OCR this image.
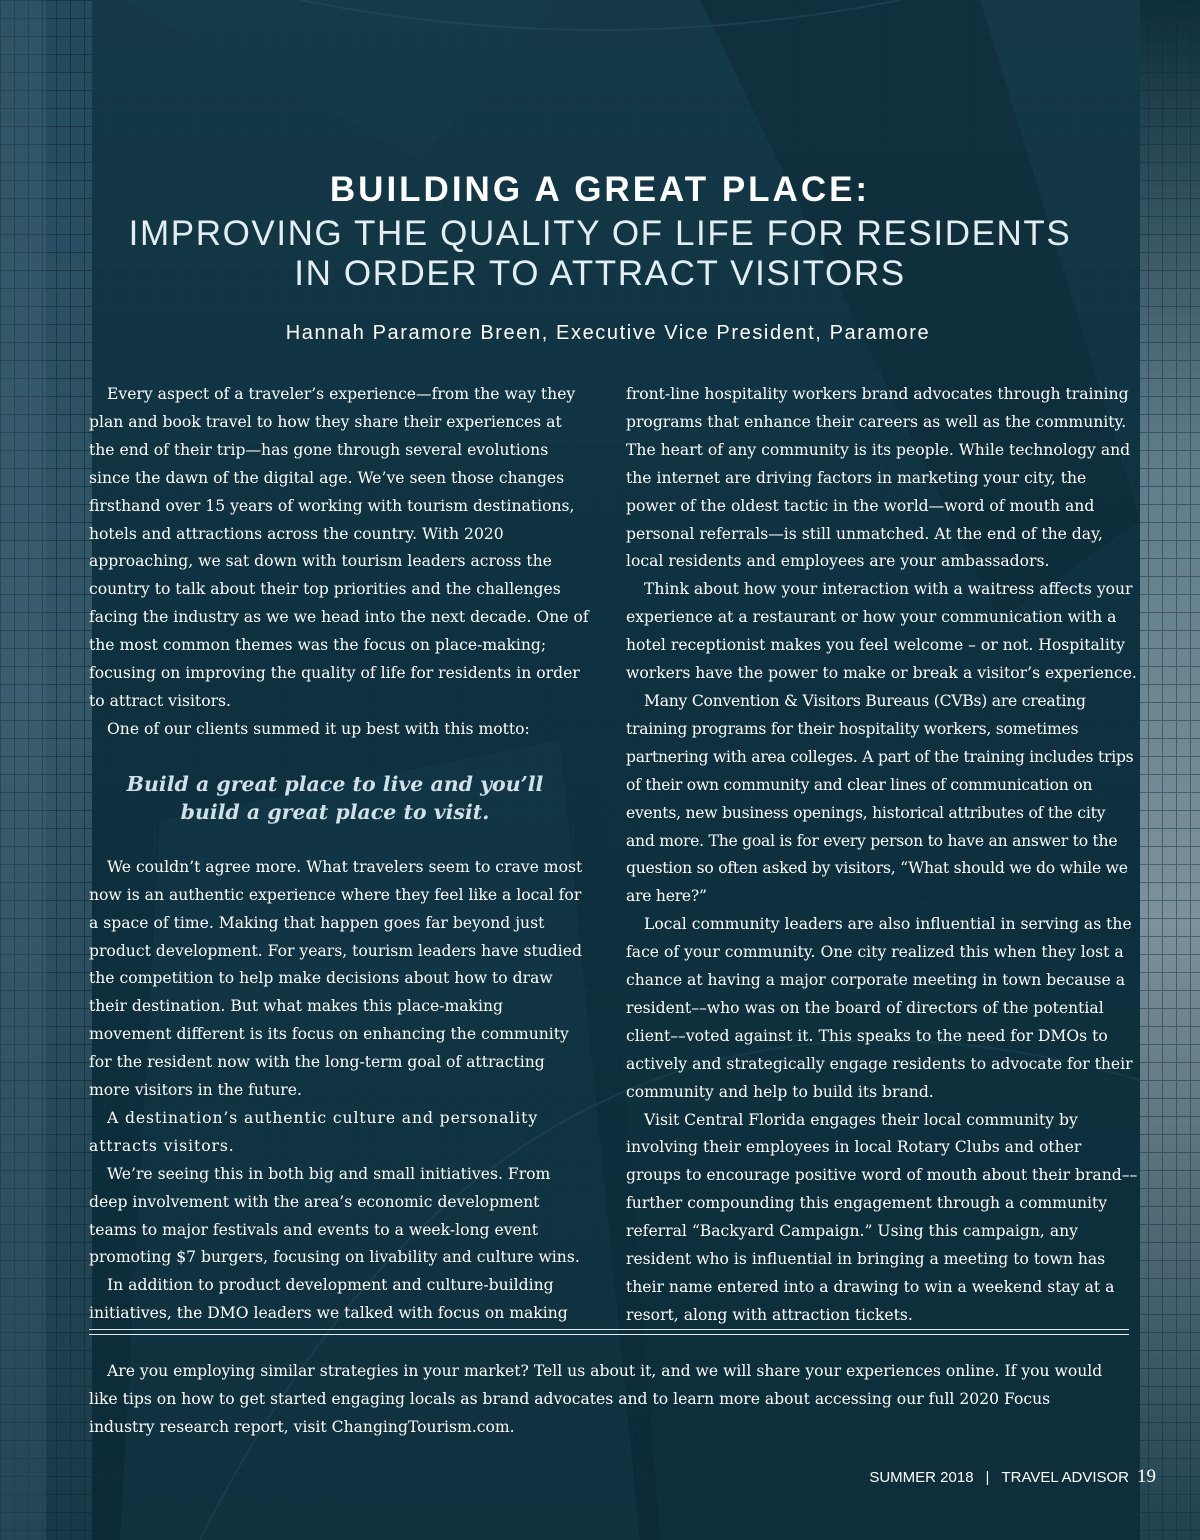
BUILDING A GREAT PLACE:
IMPROVING THE QUALITY OF LIFE FOR RESIDENTS
IN ORDER TO ATTRACT VISITORS
Hannah Paramore Breen, Executive Vice President, Paramore

Every aspect of a traveler’s experience—from the way they plan and book travel to how they share their experiences at the end of their trip—has gone through several evolutions since the dawn of the digital age. We’ve seen those changes firsthand over 15 years of working with tourism destinations, hotels and attractions across the country. With 2020 approaching, we sat down with tourism leaders across the country to talk about their top priorities and the challenges facing the industry as we we head into the next decade. One of the most common themes was the focus on place-making; focusing on improving the quality of life for residents in order to attract visitors.

One of our clients summed it up best with this motto:

Build a great place to live and you’ll
build a great place to visit.

We couldn’t agree more. What travelers seem to crave most now is an authentic experience where they feel like a local for a space of time. Making that happen goes far beyond just product development. For years, tourism leaders have studied the competition to help make decisions about how to draw their destination. But what makes this place-making movement different is its focus on enhancing the community for the resident now with the long-term goal of attracting more visitors in the future.

A destination’s authentic culture and personality attracts visitors.

We’re seeing this in both big and small initiatives. From deep involvement with the area’s economic development teams to major festivals and events to a week-long event promoting $7 burgers, focusing on livability and culture wins.

In addition to product development and culture-building initiatives, the DMO leaders we talked with focus on making

front-line hospitality workers brand advocates through training programs that enhance their careers as well as the community. The heart of any community is its people. While technology and the internet are driving factors in marketing your city, the power of the oldest tactic in the world—word of mouth and personal referrals—is still unmatched. At the end of the day, local residents and employees are your ambassadors.

Think about how your interaction with a waitress affects your experience at a restaurant or how your communication with a hotel receptionist makes you feel welcome – or not. Hospitality workers have the power to make or break a visitor’s experience.

Many Convention & Visitors Bureaus (CVBs) are creating training programs for their hospitality workers, sometimes partnering with area colleges. A part of the training includes trips of their own community and clear lines of communication on events, new business openings, historical attributes of the city and more. The goal is for every person to have an answer to the question so often asked by visitors, “What should we do while we are here?”

Local community leaders are also influential in serving as the face of your community. One city realized this when they lost a chance at having a major corporate meeting in town because a resident––who was on the board of directors of the potential client––voted against it. This speaks to the need for DMOs to actively and strategically engage residents to advocate for their community and help to build its brand.

Visit Central Florida engages their local community by involving their employees in local Rotary Clubs and other groups to encourage positive word of mouth about their brand––further compounding this engagement through a community referral “Backyard Campaign.” Using this campaign, any resident who is influential in bringing a meeting to town has their name entered into a drawing to win a weekend stay at a resort, along with attraction tickets.

Are you employing similar strategies in your market? Tell us about it, and we will share your experiences online. If you would like tips on how to get started engaging locals as brand advocates and to learn more about accessing our full 2020 Focus industry research report, visit ChangingTourism.com.

SUMMER 2018 | TRAVEL ADVISOR 19
